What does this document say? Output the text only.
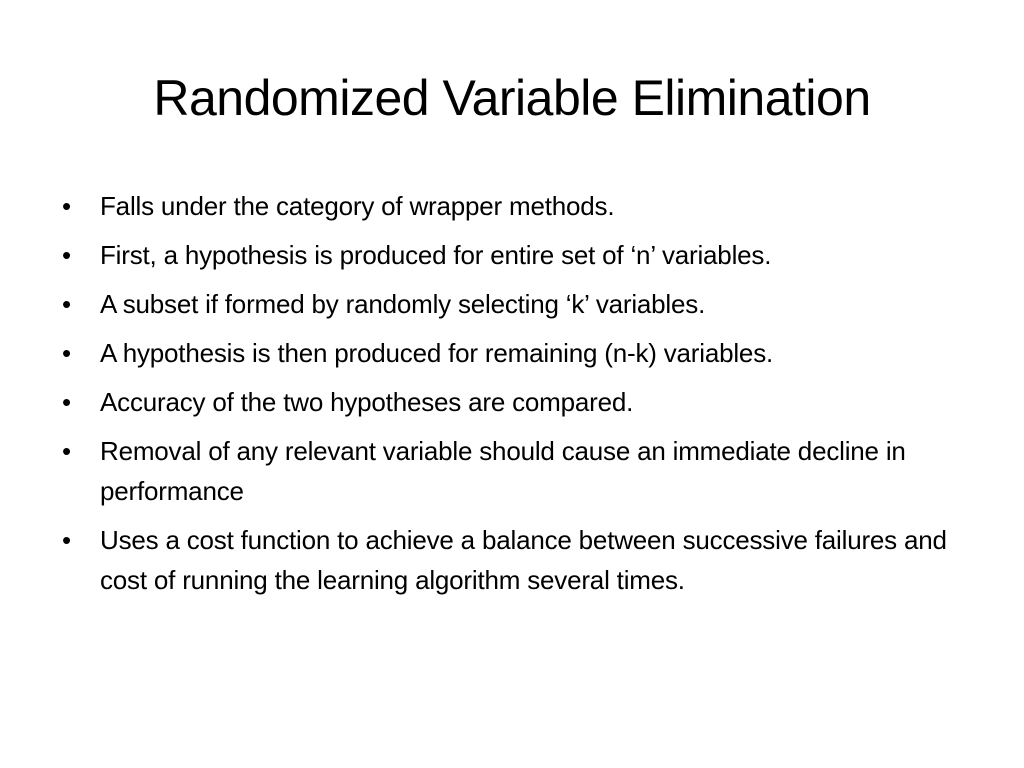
Randomized Variable Elimination
•	Falls under the category of wrapper methods.
•	First, a hypothesis is produced for entire set of ‘n’ variables.
•	A subset if formed by randomly selecting ‘k’ variables.
•	A hypothesis is then produced for remaining (n-k) variables.
•	Accuracy of the two hypotheses are compared.
•	Removal of any relevant variable should cause an immediate decline in performance
•	Uses a cost function to achieve a balance between successive failures and cost of running the learning algorithm several times.
